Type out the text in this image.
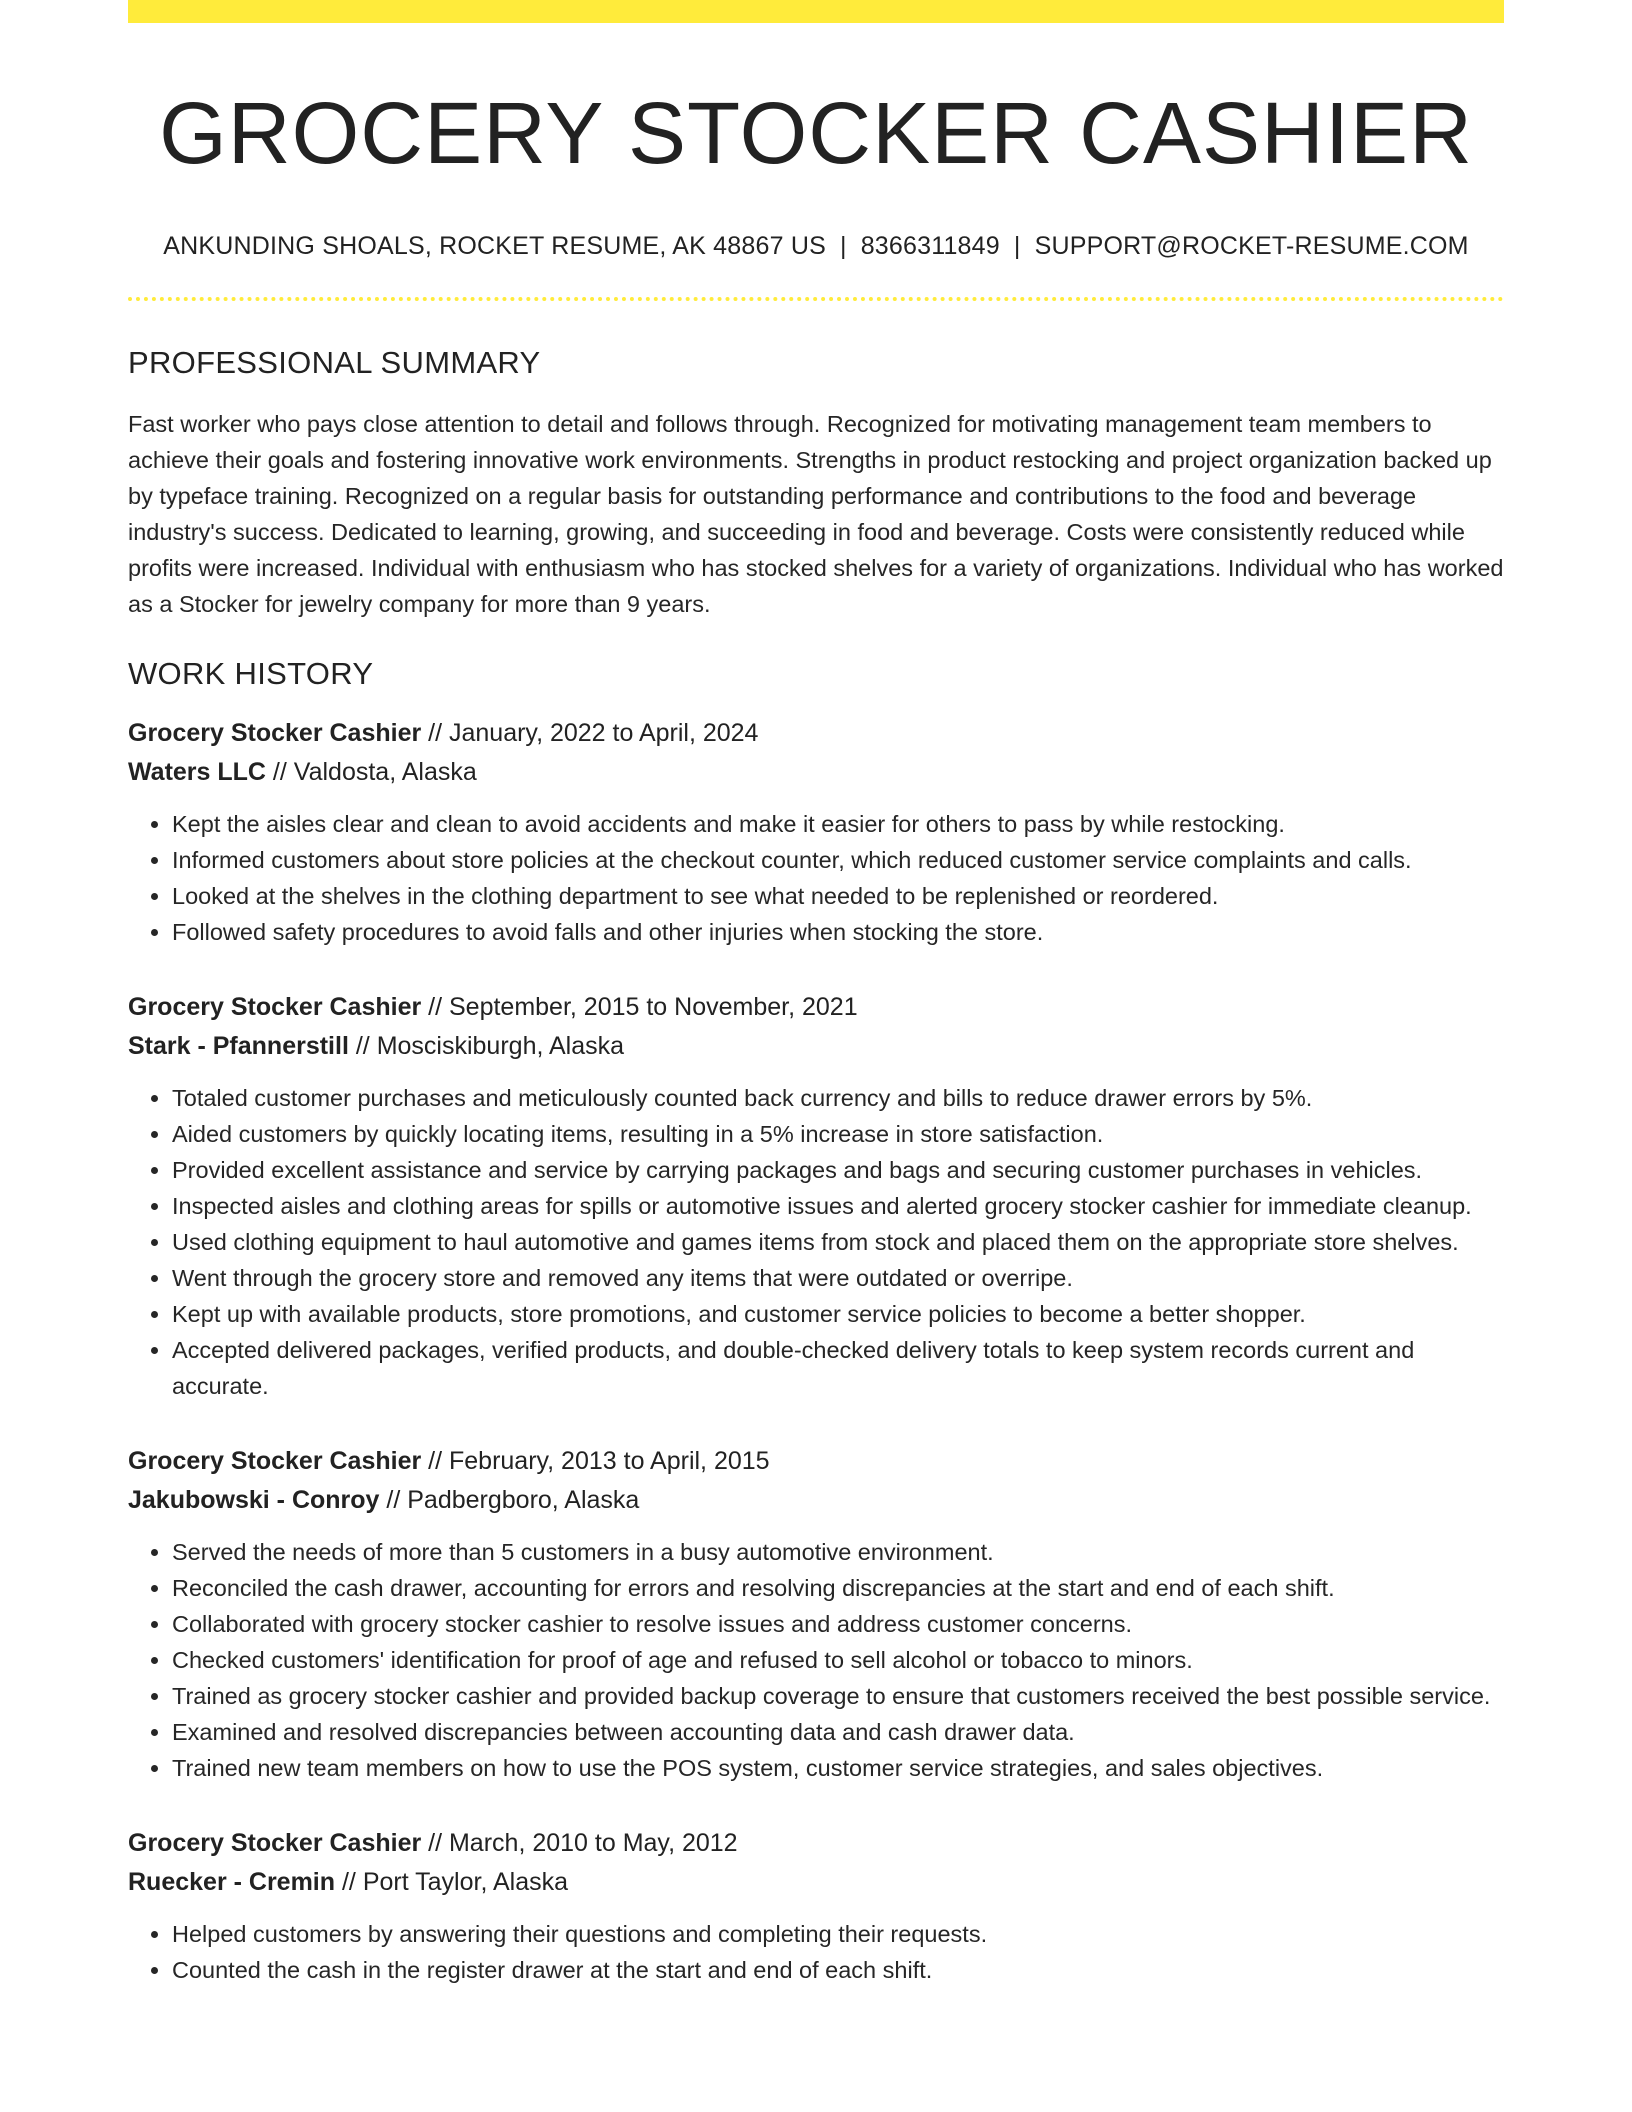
GROCERY STOCKER CASHIER
ANKUNDING SHOALS, ROCKET RESUME, AK 48867 US | 8366311849 | SUPPORT@ROCKET-RESUME.COM
PROFESSIONAL SUMMARY

Fast worker who pays close attention to detail and follows through. Recognized for motivating management team members to achieve their goals and fostering innovative work environments. Strengths in product restocking and project organization backed up by typeface training. Recognized on a regular basis for outstanding performance and contributions to the food and beverage industry's success. Dedicated to learning, growing, and succeeding in food and beverage. Costs were consistently reduced while profits were increased. Individual with enthusiasm who has stocked shelves for a variety of organizations. Individual who has worked as a Stocker for jewelry company for more than 9 years.

WORK HISTORY
Grocery Stocker Cashier // January, 2022 to April, 2024
Waters LLC // Valdosta, Alaska
• Kept the aisles clear and clean to avoid accidents and make it easier for others to pass by while restocking.
• Informed customers about store policies at the checkout counter, which reduced customer service complaints and calls.
• Looked at the shelves in the clothing department to see what needed to be replenished or reordered.
• Followed safety procedures to avoid falls and other injuries when stocking the store.
Grocery Stocker Cashier // September, 2015 to November, 2021
Stark - Pfannerstill // Mosciskiburgh, Alaska
• Totaled customer purchases and meticulously counted back currency and bills to reduce drawer errors by 5%.
• Aided customers by quickly locating items, resulting in a 5% increase in store satisfaction.
• Provided excellent assistance and service by carrying packages and bags and securing customer purchases in vehicles.
• Inspected aisles and clothing areas for spills or automotive issues and alerted grocery stocker cashier for immediate cleanup.
• Used clothing equipment to haul automotive and games items from stock and placed them on the appropriate store shelves.
• Went through the grocery store and removed any items that were outdated or overripe.
• Kept up with available products, store promotions, and customer service policies to become a better shopper.
• Accepted delivered packages, verified products, and double-checked delivery totals to keep system records current and accurate.
Grocery Stocker Cashier // February, 2013 to April, 2015
Jakubowski - Conroy // Padbergboro, Alaska
• Served the needs of more than 5 customers in a busy automotive environment.
• Reconciled the cash drawer, accounting for errors and resolving discrepancies at the start and end of each shift.
• Collaborated with grocery stocker cashier to resolve issues and address customer concerns.
• Checked customers' identification for proof of age and refused to sell alcohol or tobacco to minors.
• Trained as grocery stocker cashier and provided backup coverage to ensure that customers received the best possible service.
• Examined and resolved discrepancies between accounting data and cash drawer data.
• Trained new team members on how to use the POS system, customer service strategies, and sales objectives.
Grocery Stocker Cashier // March, 2010 to May, 2012
Ruecker - Cremin // Port Taylor, Alaska
• Helped customers by answering their questions and completing their requests.
• Counted the cash in the register drawer at the start and end of each shift.
